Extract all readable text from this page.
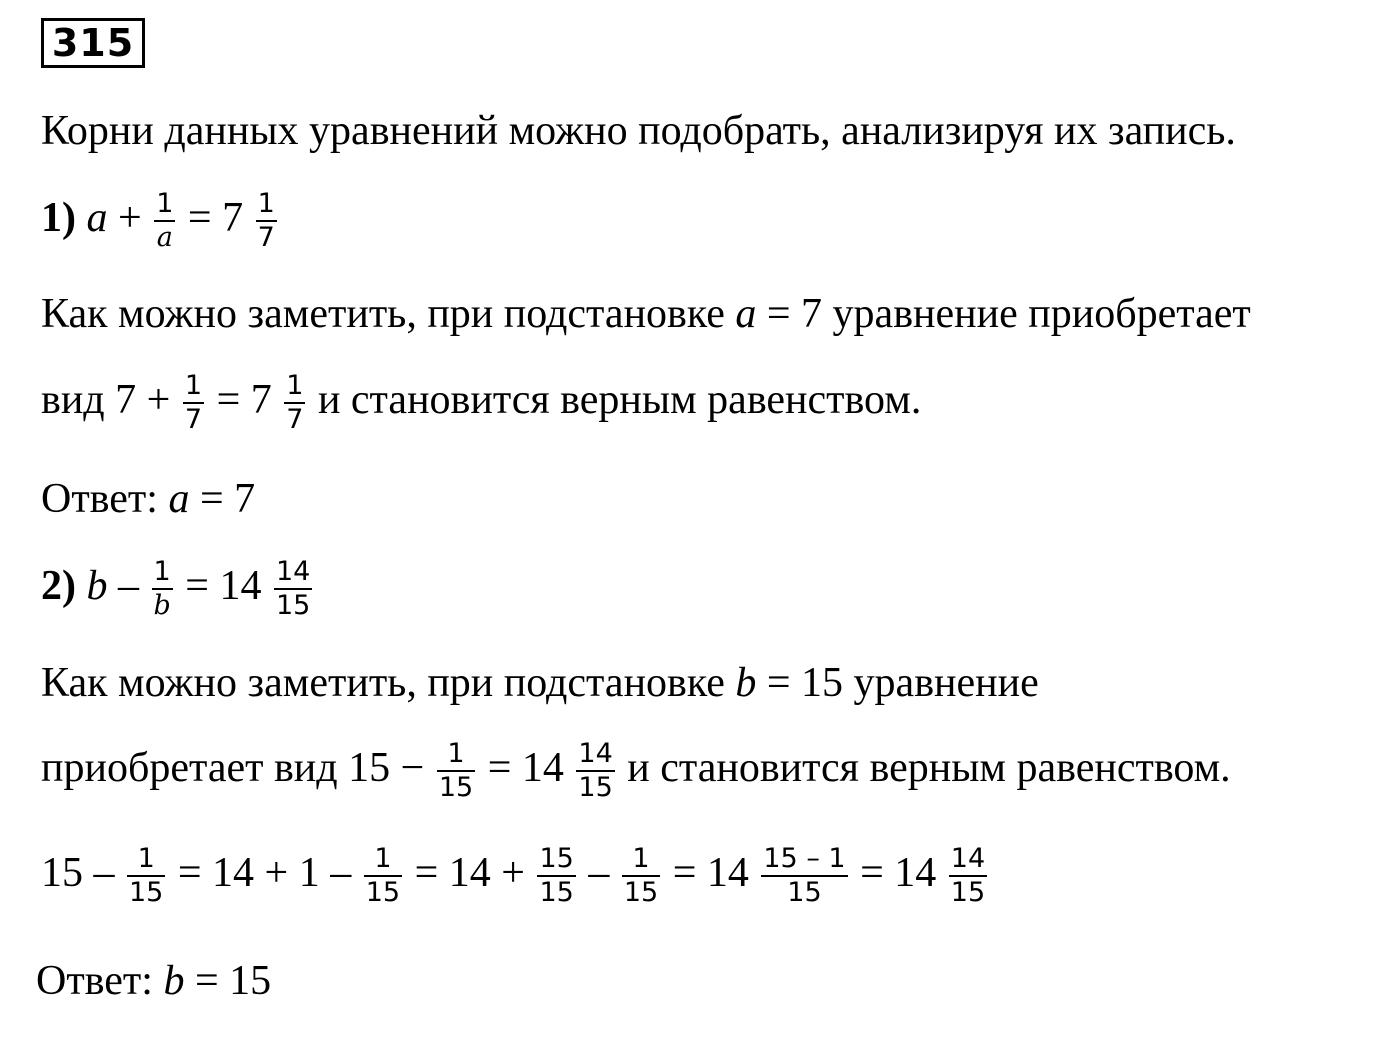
315
Корни данных уравнений можно подобрать, анализируя их запись.
1) $a + \frac{1}{a} = 7 \frac{1}{7}$
Как можно заметить, при подстановке a = 7 уравнение приобретает
вид $7 + \frac{1}{7} = 7 \frac{1}{7}$ и становится верным равенством.
Ответ: a = 7
2) $b - \frac{1}{b} = 14 \frac{14}{15}$
Как можно заметить, при подстановке b = 15 уравнение
приобретает вид $15 - \frac{1}{15} = 14 \frac{14}{15}$ и становится верным равенством.
$15 - \frac{1}{15} = 14 + 1 - \frac{1}{15} = 14 + \frac{15}{15} - \frac{1}{15} = 14 \frac{15 - 1}{15} = 14 \frac{14}{15}$
Ответ: b = 15
